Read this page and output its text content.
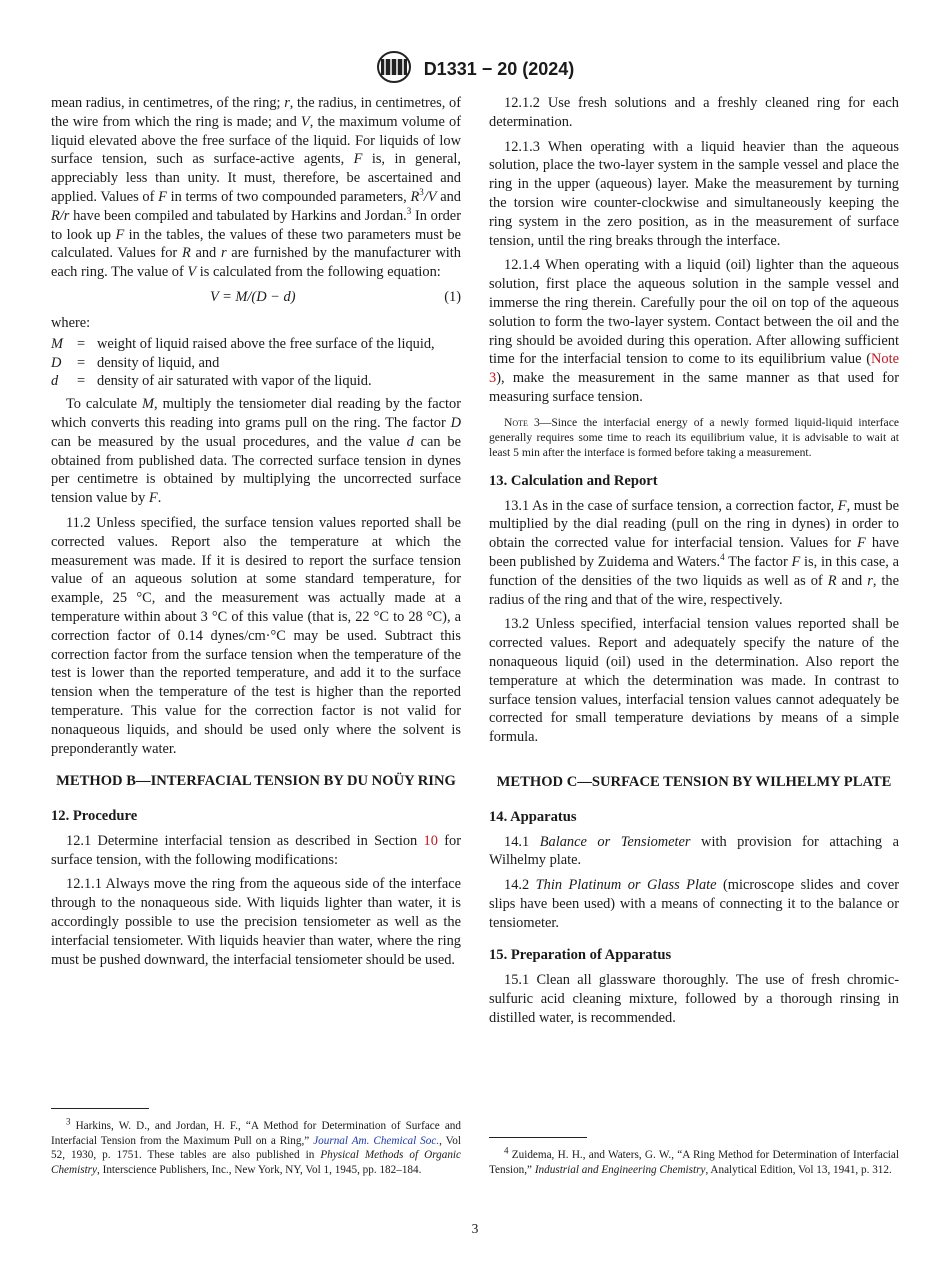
D1331 − 20 (2024)

mean radius, in centimetres, of the ring; r, the radius, in centimetres, of the wire from which the ring is made; and V, the maximum volume of liquid elevated above the free surface of the liquid. For liquids of low surface tension, such as surface-active agents, F is, in general, appreciably less than unity. It must, therefore, be ascertained and applied. Values of F in terms of two compounded parameters, $R^3/V$ and R/r have been compiled and tabulated by Harkins and Jordan.$^3$ In order to look up F in the tables, the values of these two parameters must be calculated. Values for R and r are furnished by the manufacturer with each ring. The value of V is calculated from the following equation:

V = M/(D − d)	(1)
where:
M = weight of liquid raised above the free surface of the liquid,
D	= density of liquid, and
d	= density of air saturated with vapor of the liquid.

To calculate M, multiply the tensiometer dial reading by the factor which converts this reading into grams pull on the ring. The factor D can be measured by the usual procedures, and the value d can be obtained from published data. The corrected surface tension in dynes per centimetre is obtained by multiplying the uncorrected surface tension value by F.

11.2 Unless specified, the surface tension values reported shall be corrected values. Report also the temperature at which the measurement was made. If it is desired to report the surface tension value of an aqueous solution at some standard temperature, for example, 25 °C, and the measurement was actually made at a temperature within about 3 °C of this value (that is, 22 °C to 28 °C), a correction factor of 0.14 dynes/cm·°C may be used. Subtract this correction factor from the surface tension when the temperature of the test is lower than the reported temperature, and add it to the surface tension when the temperature of the test is higher than the reported temperature. This value for the correction factor is not valid for nonaqueous liquids, and should be used only where the solvent is preponderantly water.

METHOD B—INTERFACIAL TENSION BY DU NOÜY RING
12. Procedure

12.1 Determine interfacial tension as described in Section 10 for surface tension, with the following modifications:

12.1.1 Always move the ring from the aqueous side of the interface through to the nonaqueous side. With liquids lighter than water, it is accordingly possible to use the precision tensiometer as well as the interfacial tensiometer. With liquids heavier than water, where the ring must be pushed downward, the interfacial tensiometer should be used.

$^3$ Harkins, W. D., and Jordan, H. F., “A Method for Determination of Surface and Interfacial Tension from the Maximum Pull on a Ring,” Journal Am. Chemical Soc., Vol 52, 1930, p. 1751. These tables are also published in Physical Methods of Organic Chemistry, Interscience Publishers, Inc., New York, NY, Vol 1, 1945, pp. 182–184.

12.1.2 Use fresh solutions and a freshly cleaned ring for each determination.

12.1.3 When operating with a liquid heavier than the aqueous solution, place the two-layer system in the sample vessel and place the ring in the upper (aqueous) layer. Make the measurement by turning the torsion wire counter-clockwise and simultaneously keeping the ring system in the zero position, as in the measurement of surface tension, until the ring breaks through the interface.

12.1.4 When operating with a liquid (oil) lighter than the aqueous solution, first place the aqueous solution in the sample vessel and immerse the ring therein. Carefully pour the oil on top of the aqueous solution to form the two-layer system. Contact between the oil and the ring should be avoided during this operation. After allowing sufficient time for the interfacial tension to come to its equilibrium value (Note 3), make the measurement in the same manner as that used for measuring surface tension.

Note 3—Since the interfacial energy of a newly formed liquid-liquid interface generally requires some time to reach its equilibrium value, it is advisable to wait at least 5 min after the interface is formed before taking a measurement.
13. Calculation and Report

13.1 As in the case of surface tension, a correction factor, F, must be multiplied by the dial reading (pull on the ring in dynes) in order to obtain the corrected value for interfacial tension. Values for F have been published by Zuidema and Waters.$^4$ The factor F is, in this case, a function of the densities of the two liquids as well as of R and r, the radius of the ring and that of the wire, respectively.

13.2 Unless specified, interfacial tension values reported shall be corrected values. Report and adequately specify the nature of the nonaqueous liquid (oil) used in the determination. Also report the temperature at which the determination was made. In contrast to surface tension values, interfacial tension values cannot adequately be corrected for small temperature deviations by means of a simple formula.

METHOD C—SURFACE TENSION BY WILHELMY PLATE
14. Apparatus

14.1 Balance or Tensiometer with provision for attaching a Wilhelmy plate.

14.2 Thin Platinum or Glass Plate (microscope slides and cover slips have been used) with a means of connecting it to the balance or tensiometer.

15. Preparation of Apparatus

15.1 Clean all glassware thoroughly. The use of fresh chromic-sulfuric acid cleaning mixture, followed by a thorough rinsing in distilled water, is recommended.

$^4$ Zuidema, H. H., and Waters, G. W., “A Ring Method for Determination of Interfacial Tension,” Industrial and Engineering Chemistry, Analytical Edition, Vol 13, 1941, p. 312.
3
